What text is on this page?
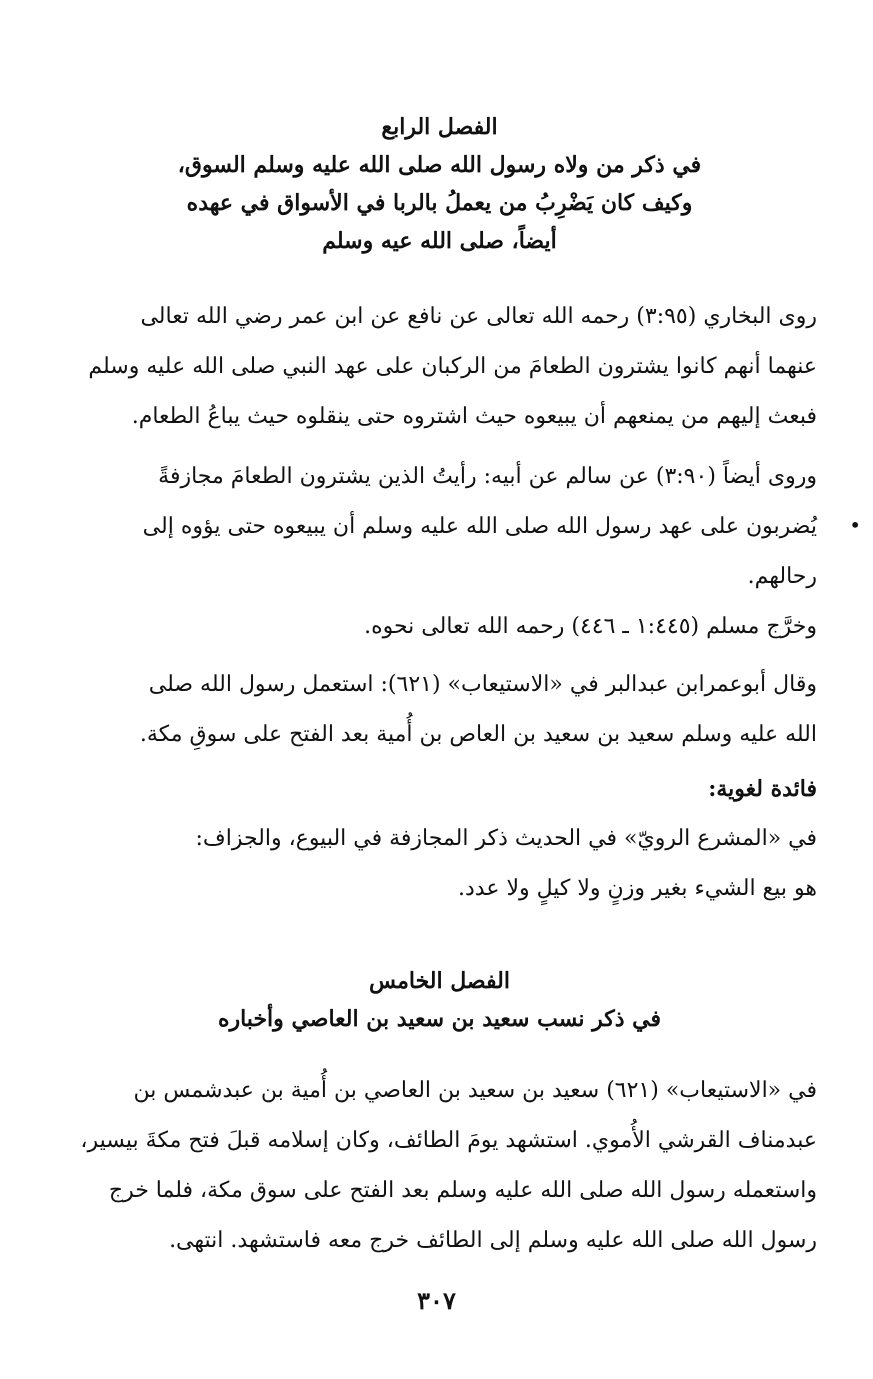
الفصل الرابع

في ذكر من ولاه رسول الله صلى الله عليه وسلم السوق،
وكيف كان يَضْرِبُ من يعملُ بالربا في الأسواق في عهده
أيضاً، صلى الله عيه وسلم

روى البخاري (٣:٩٥) رحمه الله تعالى عن نافع عن ابن عمر رضي الله تعالى
عنهما أنهم كانوا يشترون الطعامَ من الركبان على عهد النبي صلى الله عليه وسلم
فبعث إليهم من يمنعهم أن يبيعوه حيث اشتروه حتى ينقلوه حيث يباعُ الطعام.

وروى أيضاً (٣:٩٠) عن سالم عن أبيه: رأيتُ الذين يشترون الطعامَ مجازفةً
يُضربون على عهد رسول الله صلى الله عليه وسلم أن يبيعوه حتى يؤوه إلى
رحالهم.

•

وخرَّج مسلم (١:٤٤٥ ـ ٤٤٦) رحمه الله تعالى نحوه.

وقال أبوعمرابن عبدالبر في «الاستيعاب» (٦٢١): استعمل رسول الله صلى
الله عليه وسلم سعيد بن سعيد بن العاص بن أُمية بعد الفتح على سوقِ مكة.

فائدة لغوية:

في «المشرع الرويّ» في الحديث ذكر المجازفة في البيوع، والجزاف:
هو بيع الشيء بغير وزنٍ ولا كيلٍ ولا عدد.

الفصل الخامس

في ذكر نسب سعيد بن سعيد بن العاصي وأخباره

في «الاستيعاب» (٦٢١) سعيد بن سعيد بن العاصي بن أُمية بن عبدشمس بن
عبدمناف القرشي الأُموي. استشهد يومَ الطائف، وكان إسلامه قبلَ فتح مكةَ بيسير،
واستعمله رسول الله صلى الله عليه وسلم بعد الفتح على سوق مكة، فلما خرج
رسول الله صلى الله عليه وسلم إلى الطائف خرج معه فاستشهد. انتهى.

٣٠٧
